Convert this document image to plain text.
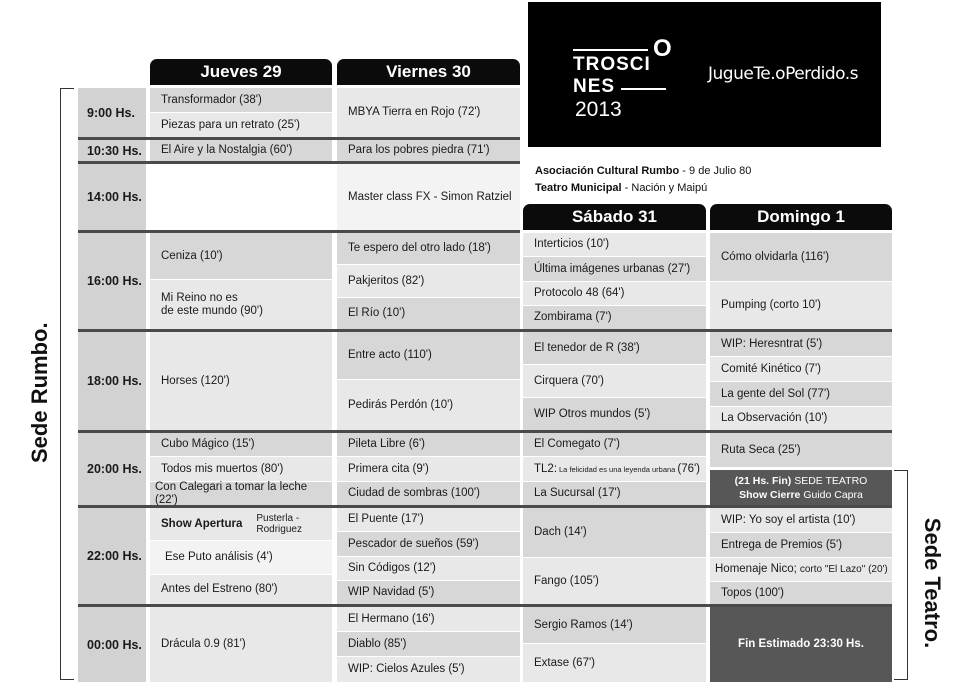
O
TROSCI
NES
2013
JugueTe.oPerdido.s
Asociación Cultural Rumbo - 9 de Julio 80
Teatro Municipal - Nación y Maipú
Sede Rumbo.
Sede Teatro.
Jueves 29	Viernes 30
Sábado 31	Domingo 1
9:00 Hs.
10:30 Hs.
14:00 Hs.
16:00 Hs.
18:00 Hs.
20:00 Hs.
22:00 Hs.
00:00 Hs.
Transformador (38')
Piezas para un retrato (25')
El Aire y la Nostalgia (60')
Ceniza (10')
Mi Reino no es
de este mundo (90')
Horses (120')
Cubo Mágico (15')
Todos mis muertos (80')
Con Calegari a tomar la leche (22')
Show Apertura Pusterla -
Rodriguez
Ese Puto análisis (4')
Antes del Estreno (80')
Drácula 0.9 (81')
MBYA Tierra en Rojo (72')
Para los pobres piedra (71')
Master class FX - Simon Ratziel
Te espero del otro lado (18')
Pakjeritos (82')
El Río (10')
Entre acto (110')
Pedirás Perdón (10')
Pileta Libre (6')
Primera cita (9')
Ciudad de sombras (100')
El Puente (17')
Pescador de sueños (59')
Sin Códigos (12')
WIP Navidad (5')
El Hermano (16')
Diablo (85')
WIP: Cielos Azules (5')
Interticios (10')
Última imágenes urbanas (27')
Protocolo 48 (64')
Zombirama (7')
El tenedor de R (38')
Cirquera (70')
WIP Otros mundos (5')
El Comegato (7')
TL2: La felicidad es una leyenda urbana (76')
La Sucursal (17')
Dach (14')
Fango (105')
Sergio Ramos (14')
Extase (67')
Cómo olvidarla (116')
Pumping (corto 10')
WIP: Heresntrat (5')
Comité Kinético (7')
La gente del Sol (77')
La Observación (10')
Ruta Seca (25')
(21 Hs. Fin) SEDE TEATRO
Show Cierre Guido Capra
WIP: Yo soy el artista (10')
Entrega de Premios (5')
Homenaje Nico; corto "El Lazo" (20')
Topos (100')
Fin Estimado 23:30 Hs.
